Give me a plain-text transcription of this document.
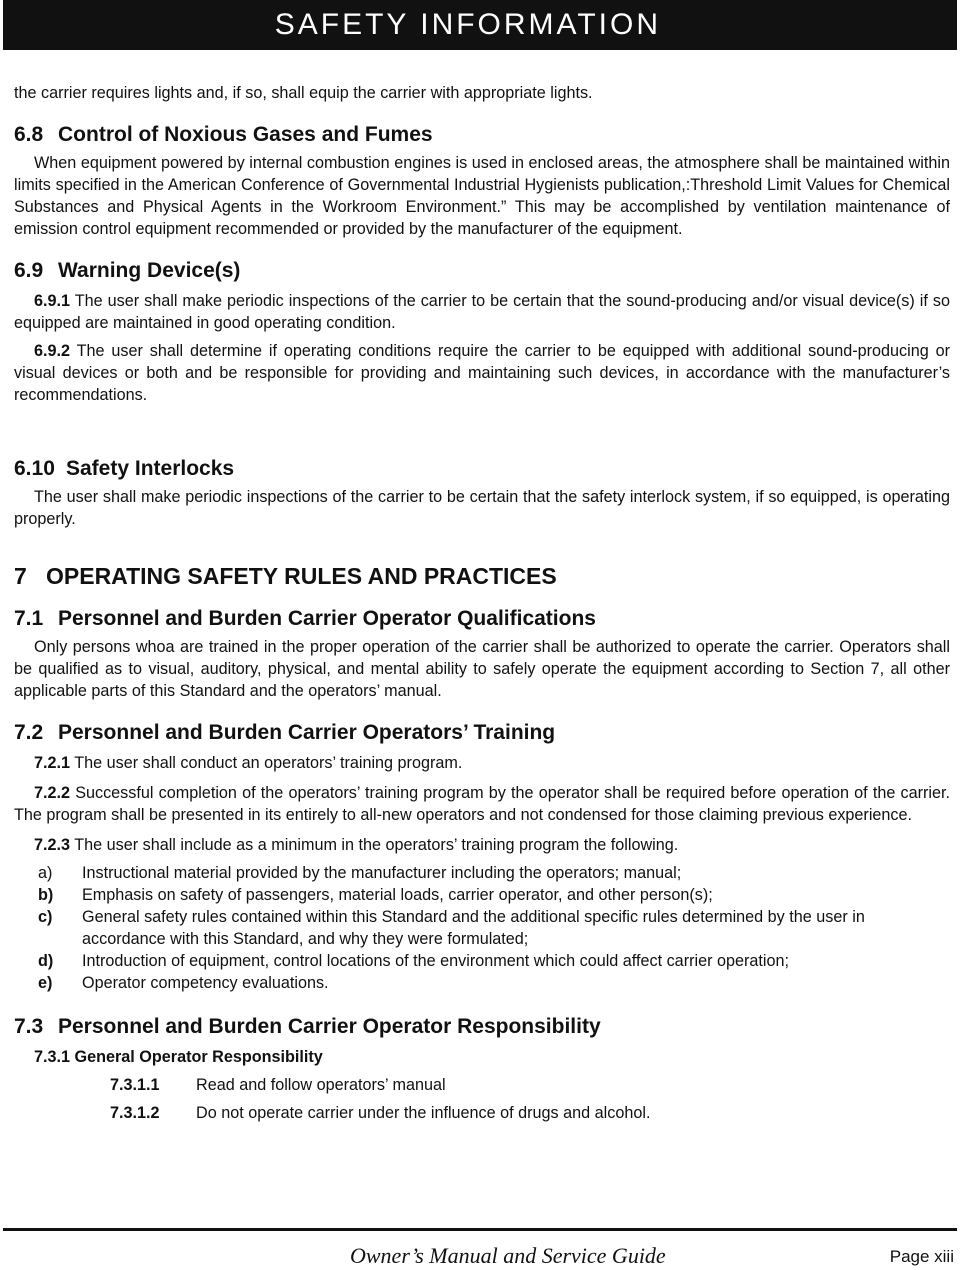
SAFETY INFORMATION

the carrier requires lights and, if so, shall equip the carrier with appropriate lights.

6.8 Control of Noxious Gases and Fumes

When equipment powered by internal combustion engines is used in enclosed areas, the atmosphere shall be maintained within limits specified in the American Conference of Governmental Industrial Hygienists publication,:Threshold Limit Values for Chemical Substances and Physical Agents in the Workroom Environment.” This may be accomplished by ventilation maintenance of emission control equipment recommended or provided by the manufacturer of the equipment.

6.9 Warning Device(s)

6.9.1 The user shall make periodic inspections of the carrier to be certain that the sound-producing and/or visual device(s) if so equipped are maintained in good operating condition.

6.9.2 The user shall determine if operating conditions require the carrier to be equipped with additional sound-producing or visual devices or both and be responsible for providing and maintaining such devices, in accordance with the manufacturer’s recommendations.

6.10 Safety Interlocks

The user shall make periodic inspections of the carrier to be certain that the safety interlock system, if so equipped, is operating properly.

7 OPERATING SAFETY RULES AND PRACTICES
7.1 Personnel and Burden Carrier Operator Qualifications

Only persons whoa are trained in the proper operation of the carrier shall be authorized to operate the carrier. Operators shall be qualified as to visual, auditory, physical, and mental ability to safely operate the equipment according to Section 7, all other applicable parts of this Standard and the operators’ manual.

7.2 Personnel and Burden Carrier Operators’ Training

7.2.1 The user shall conduct an operators’ training program.

7.2.2 Successful completion of the operators’ training program by the operator shall be required before operation of the carrier. The program shall be presented in its entirely to all-new operators and not condensed for those claiming previous experience.

7.2.3 The user shall include as a minimum in the operators’ training program the following.

a) Instructional material provided by the manufacturer including the operators; manual;
b) Emphasis on safety of passengers, material loads, carrier operator, and other person(s);
c) General safety rules contained within this Standard and the additional specific rules determined by the user in accordance with this Standard, and why they were formulated;
d) Introduction of equipment, control locations of the environment which could affect carrier operation;
e) Operator competency evaluations.
7.3 Personnel and Burden Carrier Operator Responsibility

7.3.1 General Operator Responsibility

7.3.1.1 Read and follow operators’ manual
7.3.1.2 Do not operate carrier under the influence of drugs and alcohol.
Owner’s Manual and Service Guide	Page xiii
